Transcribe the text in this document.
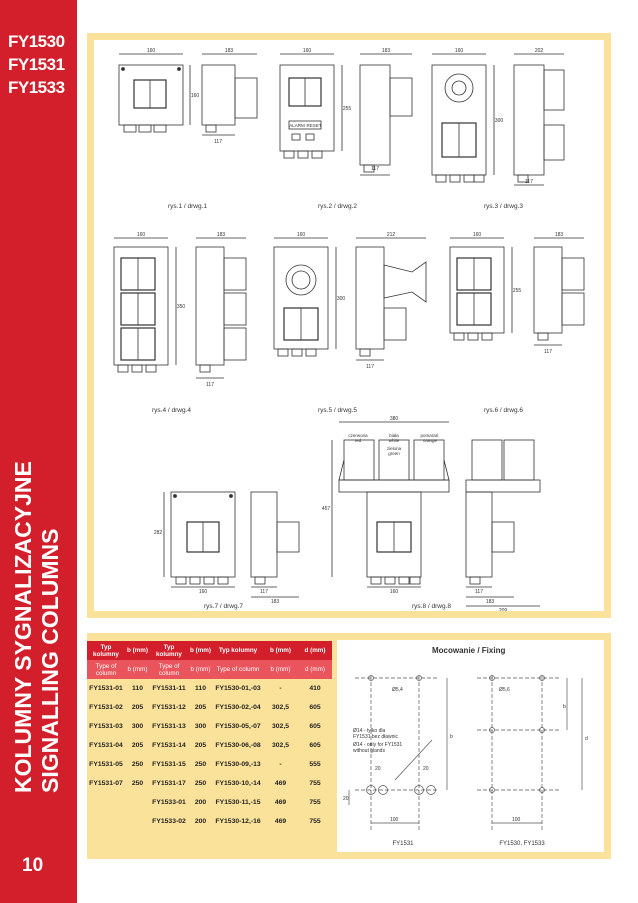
FY1530
FY1531
FY1533
KOLUMNY SYGNALIZACYJNE SIGNALLING COLUMNS
10
160	183	160	183	160	202
160
255
300
117
117
117
ALARM RESET
160	183	160	212	160	183
350
300
255
117
117
117
380
282
457
czerwona
red
biała
white
pomarań.
orange
zielona
green
160	117
183
160	117
183
209
rys.1 / drwg.1	rys.2 / drwg.2	rys.3 / drwg.3
rys.4 / drwg.4	rys.5 / drwg.5	rys.6 / drwg.6
rys.7 / drwg.7	rys.8 / drwg.8
Typ kolumny	b (mm)	Typ kolumny	b (mm)	Typ kolumny	b (mm)	d (mm)
Type of column	b (mm)	Type of column	b (mm)	Type of column	b (mm)	d (mm)
FY1531-01	110	FY1531-11	110	FY1530-01,-03	-	410
FY1531-02	205	FY1531-12	205	FY1530-02,-04	302,5	605
FY1531-03	300	FY1531-13	300	FY1530-05,-07	302,5	605
FY1531-04	205	FY1531-14	205	FY1530-06,-08	302,5	605
FY1531-05	250	FY1531-15	250	FY1530-09,-13	-	555
FY1531-07	250	FY1531-17	250	FY1530-10,-14	469	755
		FY1533-01	200	FY1530-11,-15	469	755
		FY1533-02	200	FY1530-12,-16	469	755
Mocowanie / Fixing
Ø5,4	Ø5,6
Ø14 - tylko dla
FY1531 bez dławnic
Ø14 - only for FY1531
without glands
20	20
20
b
b
d
100	100
FY1531	FY1530, FY1533
